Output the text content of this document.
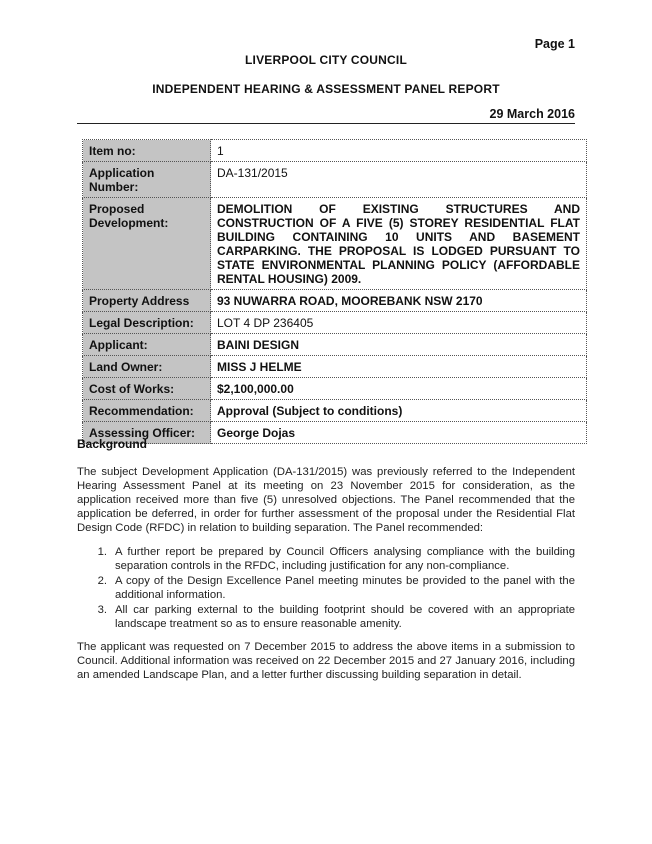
Page 1
LIVERPOOL CITY COUNCIL
INDEPENDENT HEARING & ASSESSMENT PANEL REPORT
29 March 2016
Item no:	1
Application Number:	DA-131/2015
Proposed Development:	DEMOLITION OF EXISTING STRUCTURES AND CONSTRUCTION OF A FIVE (5) STOREY RESIDENTIAL FLAT BUILDING CONTAINING 10 UNITS AND BASEMENT CARPARKING. THE PROPOSAL IS LODGED PURSUANT TO STATE ENVIRONMENTAL PLANNING POLICY (AFFORDABLE RENTAL HOUSING) 2009.
Property Address	93 NUWARRA ROAD, MOOREBANK NSW 2170
Legal Description:	LOT 4 DP 236405
Applicant:	BAINI DESIGN
Land Owner:	MISS J HELME
Cost of Works:	$2,100,000.00
Recommendation:	Approval (Subject to conditions)
Assessing Officer:	George Dojas
Background
The subject Development Application (DA-131/2015) was previously referred to the Independent Hearing Assessment Panel at its meeting on 23 November 2015 for consideration, as the application received more than five (5) unresolved objections. The Panel recommended that the application be deferred, in order for further assessment of the proposal under the Residential Flat Design Code (RFDC) in relation to building separation. The Panel recommended:
1. A further report be prepared by Council Officers analysing compliance with the building separation controls in the RFDC, including justification for any non-compliance.
2. A copy of the Design Excellence Panel meeting minutes be provided to the panel with the additional information.
3. All car parking external to the building footprint should be covered with an appropriate landscape treatment so as to ensure reasonable amenity.
The applicant was requested on 7 December 2015 to address the above items in a submission to Council. Additional information was received on 22 December 2015 and 27 January 2016, including an amended Landscape Plan, and a letter further discussing building separation in detail.
